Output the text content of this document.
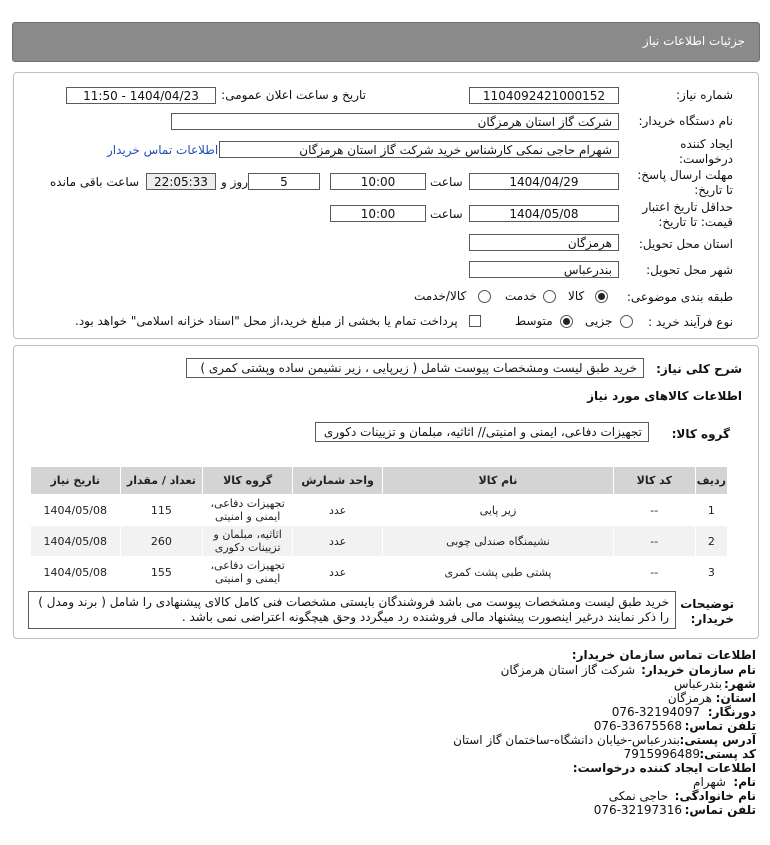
جزئیات اطلاعات نیاز
شماره نیاز:
1104092421000152
تاریخ و ساعت اعلان عمومی:
1404/04/23 - 11:50
نام دستگاه خریدار:
شرکت گاز استان هرمزگان
ایجاد کننده
درخواست:
شهرام حاجی نمکی کارشناس خرید شرکت گاز استان هرمزگان
اطلاعات تماس خریدار
مهلت ارسال پاسخ:
تا تاریخ:
1404/04/29
ساعت
10:00
5
روز و
22:05:33
ساعت باقی مانده
حداقل تاریخ اعتبار
قیمت: تا تاریخ:
1404/05/08
ساعت
10:00
استان محل تحویل:
هرمزگان
شهر محل تحویل:
بندرعباس
طبقه بندی موضوعی:
کالا
خدمت
کالا/خدمت
نوع فرآیند خرید :
جزیی
متوسط
پرداخت تمام یا بخشی از مبلغ خرید،از محل "اسناد خزانه اسلامی" خواهد بود.
شرح کلی نیاز:
خرید طبق لیست ومشخصات پیوست شامل ( زیرپایی ، زیر نشیمن ساده وپشتی کمری )
اطلاعات کالاهای مورد نیاز
گروه کالا:
تجهیزات دفاعی، ایمنی و امنیتی// اثاثیه، مبلمان و تزیینات دکوری
ردیف	کد کالا	نام کالا	واحد شمارش	گروه کالا	تعداد / مقدار	تاریخ نیاز
1	--	زیر پایی	عدد	تجهیزات دفاعی، ایمنی و امنیتی	115	1404/05/08
2	--	نشیمنگاه صندلی چوبی	عدد	اثاثیه، مبلمان و تزیینات دکوری	260	1404/05/08
3	--	پشتی طبی پشت کمری	عدد	تجهیزات دفاعی، ایمنی و امنیتی	155	1404/05/08
توضیحات
خریدار:
خرید طبق لیست ومشخصات پیوست می باشد فروشندگان بایستی مشخصات فنی کامل کالای پیشنهادی را شامل ( برند ومدل ) را ذکر نمایند درغیر اینصورت پیشنهاد مالی فروشنده رد میگردد وحق هیچگونه اعتراضی نمی باشد .
اطلاعات تماس سازمان خریدار:
نام سازمان خریدار:
شرکت گاز استان هرمزگان
شهر:
بندرعباس
استان:
هرمزگان
دورنگار:
076-32194097
تلفن تماس:
076-33675568
آدرس پستی:
بندرعباس-خیابان دانشگاه-ساختمان گاز استان
کد پستی:
7915996489
اطلاعات ایجاد کننده درخواست:
نام:
شهرام
نام خانوادگی:
حاجی نمکی
تلفن تماس:
076-32197316
